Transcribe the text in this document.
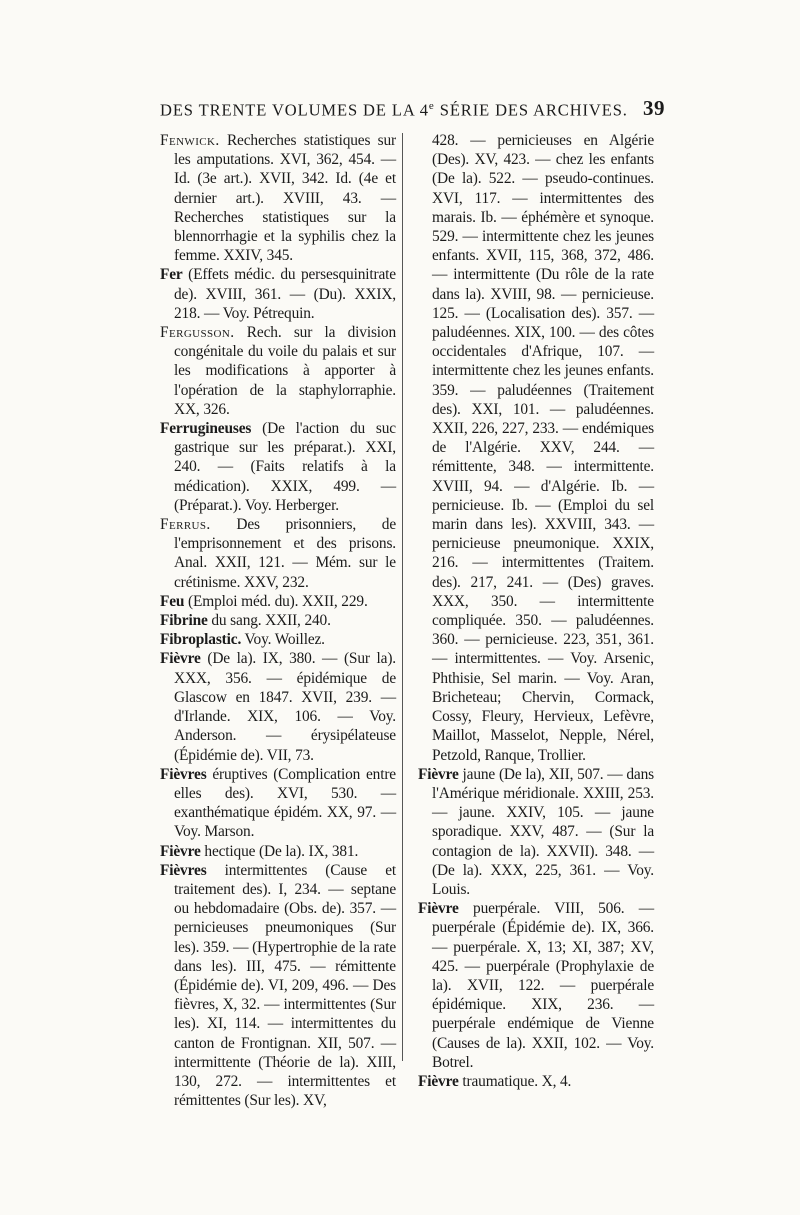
DES TRENTE VOLUMES DE LA 4e SÉRIE DES ARCHIVES. 39

Fenwick. Recherches statistiques sur les amputations. XVI, 362, 454. — Id. (3e art.). XVII, 342. Id. (4e et dernier art.). XVIII, 43. — Recherches statistiques sur la blennorrhagie et la syphilis chez la femme. XXIV, 345.

Fer (Effets médic. du persesquinitrate de). XVIII, 361. — (Du). XXIX, 218. — Voy. Pétrequin.

Fergusson. Rech. sur la division congénitale du voile du palais et sur les modifications à apporter à l'opération de la staphylorraphie. XX, 326.

Ferrugineuses (De l'action du suc gastrique sur les préparat.). XXI, 240. — (Faits relatifs à la médication). XXIX, 499. — (Préparat.). Voy. Herberger.

Ferrus. Des prisonniers, de l'emprisonnement et des prisons. Anal. XXII, 121. — Mém. sur le crétinisme. XXV, 232.

Feu (Emploi méd. du). XXII, 229.

Fibrine du sang. XXII, 240.

Fibroplastic. Voy. Woillez.

Fièvre (De la). IX, 380. — (Sur la). XXX, 356. — épidémique de Glascow en 1847. XVII, 239. — d'Irlande. XIX, 106. — Voy. Anderson. — érysipélateuse (Épidémie de). VII, 73.

Fièvres éruptives (Complication entre elles des). XVI, 530. — exanthématique épidém. XX, 97. — Voy. Marson.

Fièvre hectique (De la). IX, 381.

Fièvres intermittentes (Cause et traitement des). I, 234. — septane ou hebdomadaire (Obs. de). 357. — pernicieuses pneumoniques (Sur les). 359. — (Hypertrophie de la rate dans les). III, 475. — rémittente (Épidémie de). VI, 209, 496. — Des fièvres, X, 32. — intermittentes (Sur les). XI, 114. — intermittentes du canton de Frontignan. XII, 507. — intermittente (Théorie de la). XIII, 130, 272. — intermittentes et rémittentes (Sur les). XV,

428. — pernicieuses en Algérie (Des). XV, 423. — chez les enfants (De la). 522. — pseudo-continues. XVI, 117. — intermittentes des marais. Ib. — éphémère et synoque. 529. — intermittente chez les jeunes enfants. XVII, 115, 368, 372, 486. — intermittente (Du rôle de la rate dans la). XVIII, 98. — pernicieuse. 125. — (Localisation des). 357. — paludéennes. XIX, 100. — des côtes occidentales d'Afrique, 107. — intermittente chez les jeunes enfants. 359. — paludéennes (Traitement des). XXI, 101. — paludéennes. XXII, 226, 227, 233. — endémiques de l'Algérie. XXV, 244. — rémittente, 348. — intermittente. XVIII, 94. — d'Algérie. Ib. — pernicieuse. Ib. — (Emploi du sel marin dans les). XXVIII, 343. — pernicieuse pneumonique. XXIX, 216. — intermittentes (Traitem. des). 217, 241. — (Des) graves. XXX, 350. — intermittente compliquée. 350. — paludéennes. 360. — pernicieuse. 223, 351, 361. — intermittentes. — Voy. Arsenic, Phthisie, Sel marin. — Voy. Aran, Bricheteau; Chervin, Cormack, Cossy, Fleury, Hervieux, Lefèvre, Maillot, Masselot, Nepple, Nérel, Petzold, Ranque, Trollier.

Fièvre jaune (De la), XII, 507. — dans l'Amérique méridionale. XXIII, 253. — jaune. XXIV, 105. — jaune sporadique. XXV, 487. — (Sur la contagion de la). XXVII). 348. — (De la). XXX, 225, 361. — Voy. Louis.

Fièvre puerpérale. VIII, 506. — puerpérale (Épidémie de). IX, 366. — puerpérale. X, 13; XI, 387; XV, 425. — puerpérale (Prophylaxie de la). XVII, 122. — puerpérale épidémique. XIX, 236. — puerpérale endémique de Vienne (Causes de la). XXII, 102. — Voy. Botrel.

Fièvre traumatique. X, 4.
